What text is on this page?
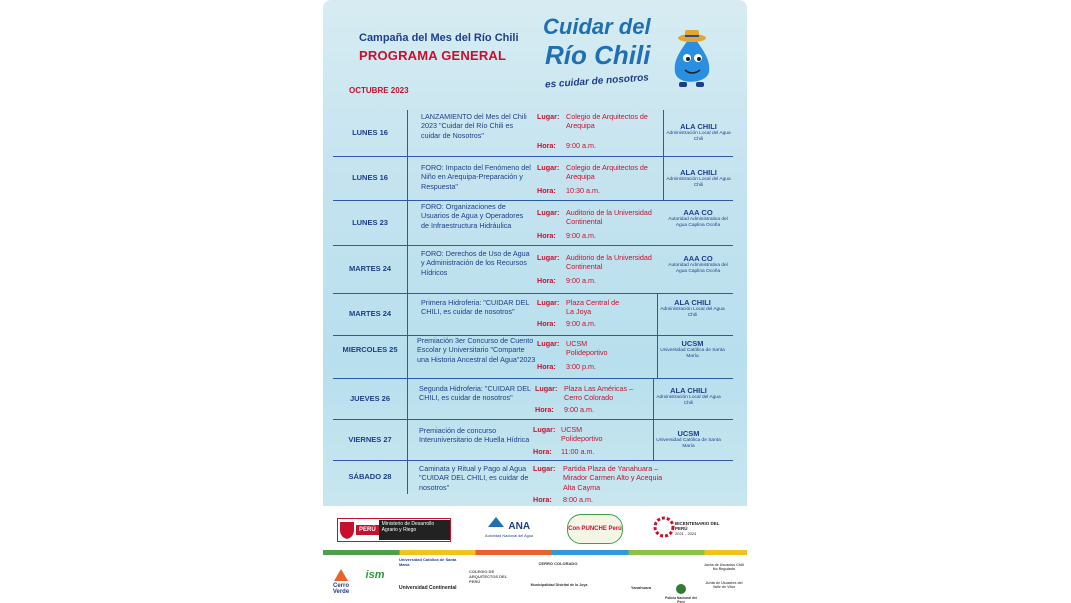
Campaña del Mes del Río Chili
PROGRAMA GENERAL
OCTUBRE 2023
Cuidar del
Río Chili
es cuidar de nosotros
LUNES 16
LANZAMIENTO del Mes del Chili 2023 "Cuidar del Río Chili es cuidar de Nosotros"
Lugar: Colegio de Arquitectos de Arequipa
Hora: 9:00 a.m.
ALA CHILI
Administración Local del Agua Chili
LUNES 16
FORO: Impacto del Fenómeno del Niño en Arequipa-Preparación y Respuesta"
Lugar: Colegio de Arquitectos de Arequipa
Hora: 10:30 a.m.
ALA CHILI
Administración Local del Agua Chili
LUNES 23
FORO: Organizaciones de Usuarios de Agua y Operadores de Infraestructura Hidráulica
Lugar: Auditorio de la Universidad Continental
Hora: 9:00 a.m.
AAA CO
Autoridad Administrativa del Agua Caplina Ocoña
MARTES 24
FORO: Derechos de Uso de Agua y Administración de los Recursos Hídricos
Lugar: Auditorio de la Universidad Continental
Hora: 9:00 a.m.
AAA CO
Autoridad Administrativa del Agua Caplina Ocoña
MARTES 24
Primera Hidroferia: "CUIDAR DEL CHILI, es cuidar de nosotros"
Lugar: Plaza Central de La Joya
Hora: 9:00 a.m.
ALA CHILI
Administración Local del Agua Chili
MIERCOLES 25
Premiación 3er Concurso de Cuento Escolar y Universitario "Comparte una Historia Ancestral del Agua"2023
Lugar: UCSM Polideportivo
Hora: 3:00 p.m.
UCSM
Universidad Católica de Santa María
JUEVES 26
Segunda Hidroferia: "CUIDAR DEL CHILI, es cuidar de nosotros"
Lugar: Plaza Las Américas – Cerro Colorado
Hora: 9:00 a.m.
ALA CHILI
Administración Local del Agua Chili
VIERNES 27
Premiación de concurso Interuniversitario de Huella Hídrica
Lugar: UCSM Polideportivo
Hora: 11:00 a.m.
UCSM
Universidad Católica de Santa María
SÁBADO 28
Caminata y Ritual y Pago al Agua "CUIDAR DEL CHILI, es cuidar de nosotros"
Lugar: Partida Plaza de Yanahuara – Mirador Carmen Alto y Acequia Alta Cayma
Hora: 8:00 a.m.
PERÚ
Ministerio de Desarrollo Agrario y Riego	ANA
Autoridad Nacional del Agua
Con PUNCHE Perú
BICENTENARIO DEL PERÚ
2021 - 2024
Cerro Verde
ism
Universidad Católica de Santa María
Universidad Continental
COLEGIO DE ARQUITECTOS DEL PERÚ
CERRO COLORADO
Municipalidad Distrital de la Joya	Yanahuara
Policía Nacional del Perú
Junta de Usuarios Chili No Regulado
Junta de Usuarios del Valle de Vítor
